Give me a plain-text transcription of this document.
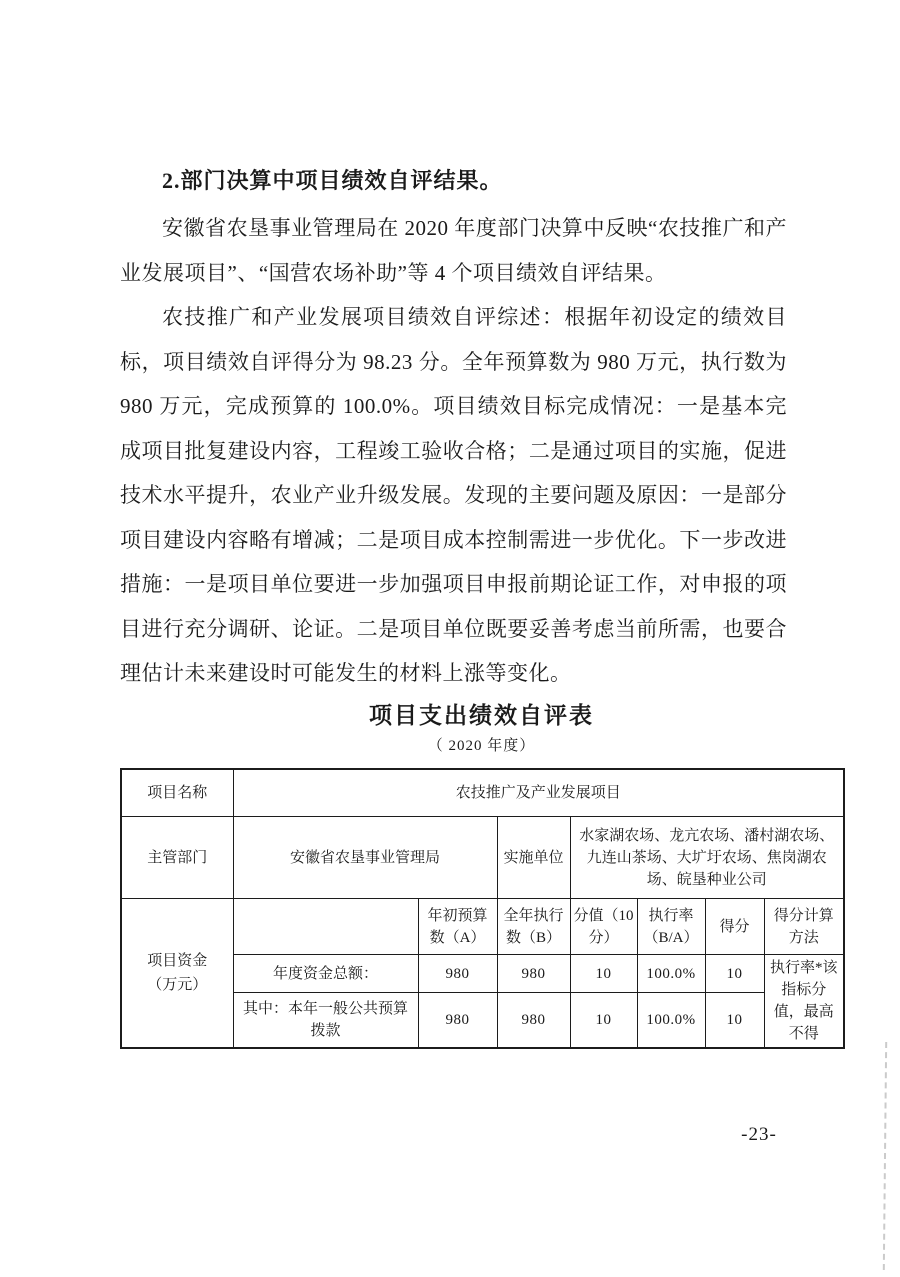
2.部门决算中项目绩效自评结果。

安徽省农垦事业管理局在 2020 年度部门决算中反映“农技推广和产业发展项目”、“国营农场补助”等 4 个项目绩效自评结果。

农技推广和产业发展项目绩效自评综述：根据年初设定的绩效目标，项目绩效自评得分为 98.23 分。全年预算数为 980 万元，执行数为 980 万元，完成预算的 100.0%。项目绩效目标完成情况：一是基本完成项目批复建设内容，工程竣工验收合格；二是通过项目的实施，促进技术水平提升，农业产业升级发展。发现的主要问题及原因：一是部分项目建设内容略有增减；二是项目成本控制需进一步优化。下一步改进措施：一是项目单位要进一步加强项目申报前期论证工作，对申报的项目进行充分调研、论证。二是项目单位既要妥善考虑当前所需，也要合理估计未来建设时可能发生的材料上涨等变化。

项目支出绩效自评表
（ 2020 年度）
项目名称	农技推广及产业发展项目						
主管部门	安徽省农垦事业管理局		实施单位	水家湖农场、龙亢农场、潘村湖农场、九连山茶场、大圹圩农场、焦岗湖农场、皖垦种业公司			

项目资金
（万元）		年初预算数（A）	全年执行数（B）	分值（10分）	执行率（B/A）	得分	得分计算方法
	年度资金总额：	980	980	10	100.0%	10	执行率*该指标分值，最高不得
	其中：本年一般公共预算拨款	980	980	10	100.0%	10	
-23-
